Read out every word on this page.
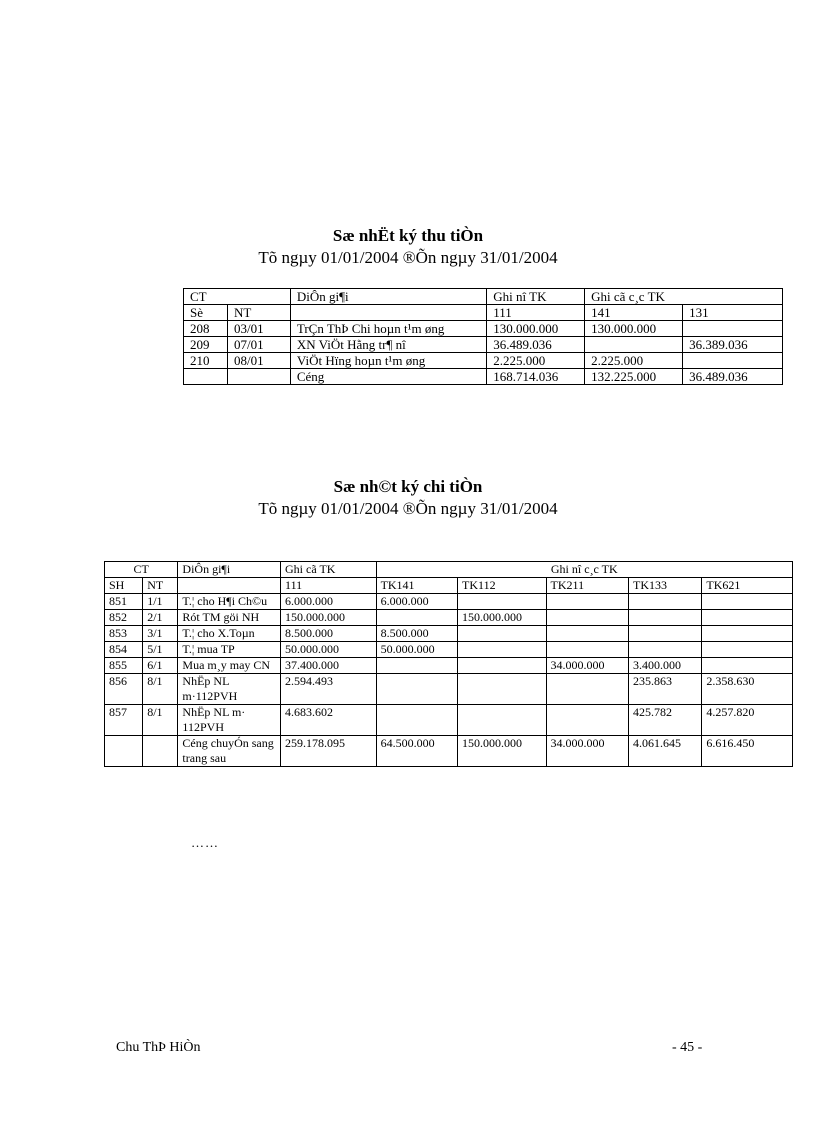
Sæ nhËt ký thu tiÒn
Tõ ngµy 01/01/2004 ®Õn ngµy 31/01/2004
CT		DiÔn gi¶i	Ghi nî TK	Ghi cã c¸c TK	
Sè	NT		111	141	131
208	03/01	TrÇn ThÞ Chi hoµn t¹m øng	130.000.000	130.000.000	
209	07/01	XN ViÖt Hằng tr¶ nî	36.489.036		36.389.036
210	08/01	ViÖt Hïng hoµn t¹m øng	2.225.000	2.225.000	
		Céng	168.714.036	132.225.000	36.489.036
Sæ nh©t ký chi tiÒn
Tõ ngµy 01/01/2004 ®Õn ngµy 31/01/2004
CT		DiÔn gi¶i	Ghi cã TK	Ghi nî c¸c TK				
SH	NT		111	TK141	TK112	TK211	TK133	TK621
851	1/1	T.¦ cho H¶i Ch©u	6.000.000	6.000.000				
852	2/1	Rót TM göi NH	150.000.000		150.000.000			
853	3/1	T.¦ cho X.Toµn	8.500.000	8.500.000				
854	5/1	T.¦ mua TP	50.000.000	50.000.000				
855	6/1	Mua m¸y may CN	37.400.000			34.000.000	3.400.000	
856	8/1	NhËp NL m·112PVH	2.594.493				235.863	2.358.630
857	8/1	NhËp NL m· 112PVH	4.683.602				425.782	4.257.820
		Céng chuyÓn sang trang sau	259.178.095	64.500.000	150.000.000	34.000.000	4.061.645	6.616.450
……
Chu ThÞ HiÒn	- 45 -
